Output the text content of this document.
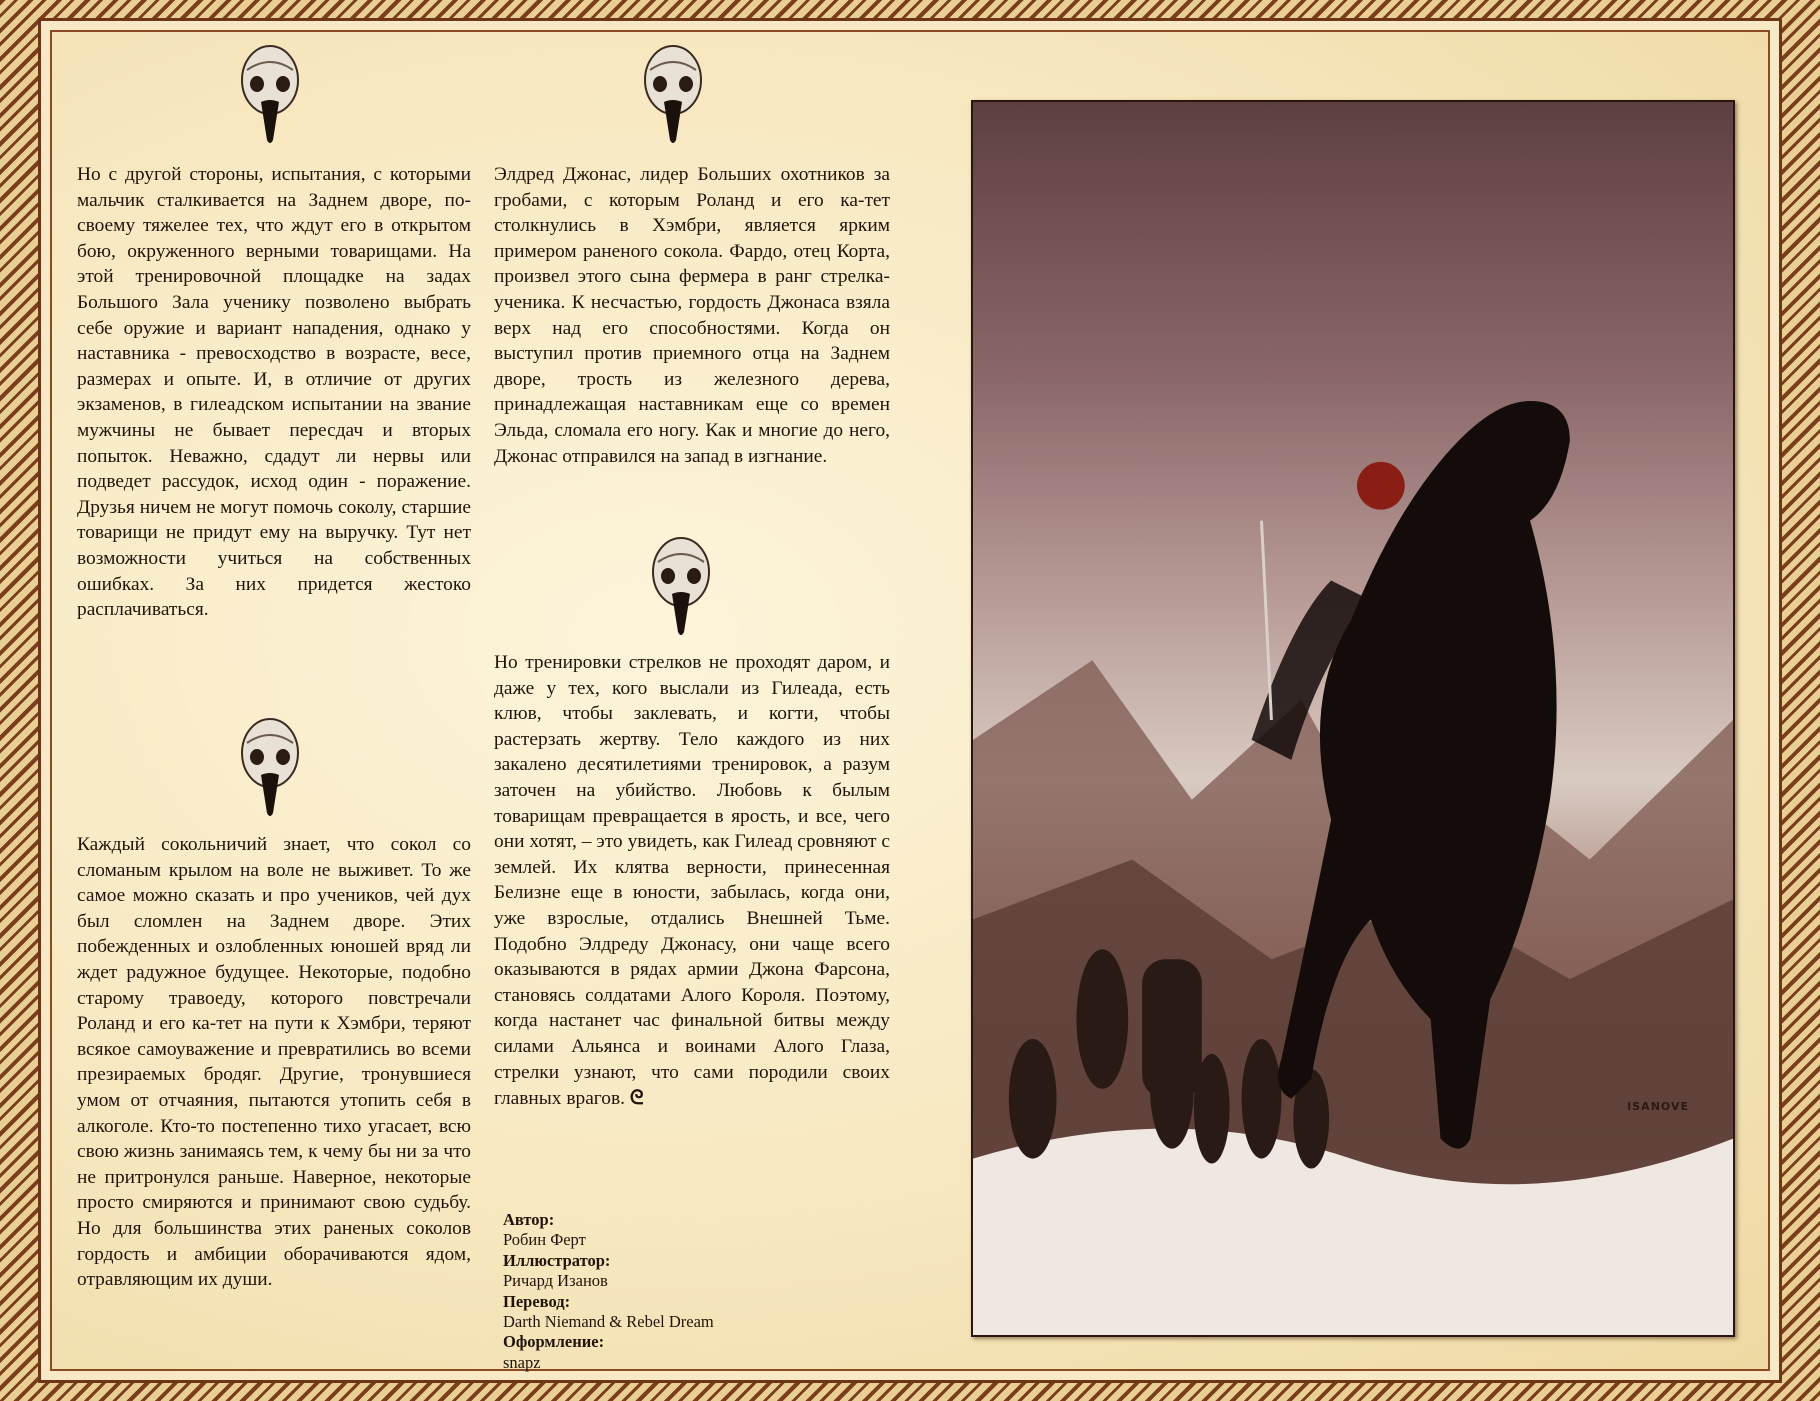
Но с другой стороны, испытания, с которыми мальчик сталкивается на Заднем дворе, по-своему тяжелее тех, что ждут его в открытом бою, окруженного верными товарищами. На этой тренировочной площадке на задах Большого Зала ученику позволено выбрать себе оружие и вариант нападения, однако у наставника - превосходство в возрасте, весе, размерах и опыте. И, в отличие от других экзаменов, в гилеадском испытании на звание мужчины не бывает пересдач и вторых попыток. Неважно, сдадут ли нервы или подведет рассудок, исход один - поражение. Друзья ничем не могут помочь соколу, старшие товарищи не придут ему на выручку. Тут нет возможности учиться на собственных ошибках. За них придется жестоко расплачиваться.

Каждый сокольничий знает, что сокол со сломаным крылом на воле не выживет. То же самое можно сказать и про учеников, чей дух был сломлен на Заднем дворе. Этих побежденных и озлобленных юношей вряд ли ждет радужное будущее. Некоторые, подобно старому травоеду, которого повстречали Роланд и его ка-тет на пути к Хэмбри, теряют всякое самоуважение и превратились во всеми презираемых бродяг. Другие, тронувшиеся умом от отчаяния, пытаются утопить себя в алкоголе. Кто-то постепенно тихо угасает, всю свою жизнь занимаясь тем, к чему бы ни за что не притронулся раньше. Наверное, некоторые просто смиряются и принимают свою судьбу. Но для большинства этих раненых соколов гордость и амбиции оборачиваются ядом, отравляющим их души.

Элдред Джонас, лидер Больших охотников за гробами, с которым Роланд и его ка-тет столкнулись в Хэмбри, является ярким примером раненого сокола. Фардо, отец Корта, произвел этого сына фермера в ранг стрелка-ученика. К несчастью, гордость Джонаса взяла верх над его способностями. Когда он выступил против приемного отца на Заднем дворе, трость из железного дерева, принадлежащая наставникам еще со времен Эльда, сломала его ногу. Как и многие до него, Джонас отправился на запад в изгнание.

Но тренировки стрелков не проходят даром, и даже у тех, кого выслали из Гилеада, есть клюв, чтобы заклевать, и когти, чтобы растерзать жертву. Тело каждого из них закалено десятилетиями тренировок, а разум заточен на убийство. Любовь к былым товарищам превращается в ярость, и все, чего они хотят, – это увидеть, как Гилеад сровняют с землей. Их клятва верности, принесенная Белизне еще в юности, забылась, когда они, уже взрослые, отдались Внешней Тьме. Подобно Элдреду Джонасу, они чаще всего оказываются в рядах армии Джона Фарсона, становясь солдатами Алого Короля. Поэтому, когда настанет час финальной битвы между силами Альянса и воинами Алого Глаза, стрелки узнают, что сами породили своих главных врагов. ᘓ

Автор:
Робин Ферт
Иллюстратор:
Ричард Изанов
Перевод:
Darth Niemand & Rebel Dream
Оформление:
snapz
ISANOVE
